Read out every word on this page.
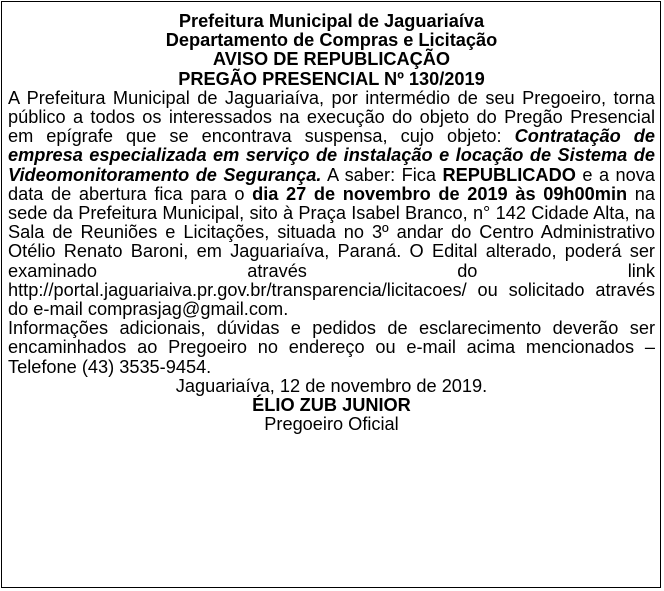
Prefeitura Municipal de Jaguariaíva

Departamento de Compras e Licitação

AVISO DE REPUBLICAÇÃO

PREGÃO PRESENCIAL Nº 130/2019

A Prefeitura Municipal de Jaguariaíva, por intermédio de seu Pregoeiro, torna público a todos os interessados na execução do objeto do Pregão Presencial em epígrafe que se encontrava suspensa, cujo objeto: Contratação de empresa especializada em serviço de instalação e locação de Sistema de Videomonitoramento de Segurança. A saber: Fica REPUBLICADO e a nova data de abertura fica para o dia 27 de novembro de 2019 às 09h00min na sede da Prefeitura Municipal, sito à Praça Isabel Branco, n° 142 Cidade Alta, na Sala de Reuniões e Licitações, situada no 3º andar do Centro Administrativo Otélio Renato Baroni, em Jaguariaíva, Paraná. O Edital alterado, poderá ser examinado através do link http://portal.jaguariaiva.pr.gov.br/transparencia/licitacoes/ ou solicitado através do e-mail comprasjag@gmail.com.

Informações adicionais, dúvidas e pedidos de esclarecimento deverão ser encaminhados ao Pregoeiro no endereço ou e-mail acima mencionados – Telefone (43) 3535-9454.

Jaguariaíva, 12 de novembro de 2019.

ÉLIO ZUB JUNIOR

Pregoeiro Oficial
